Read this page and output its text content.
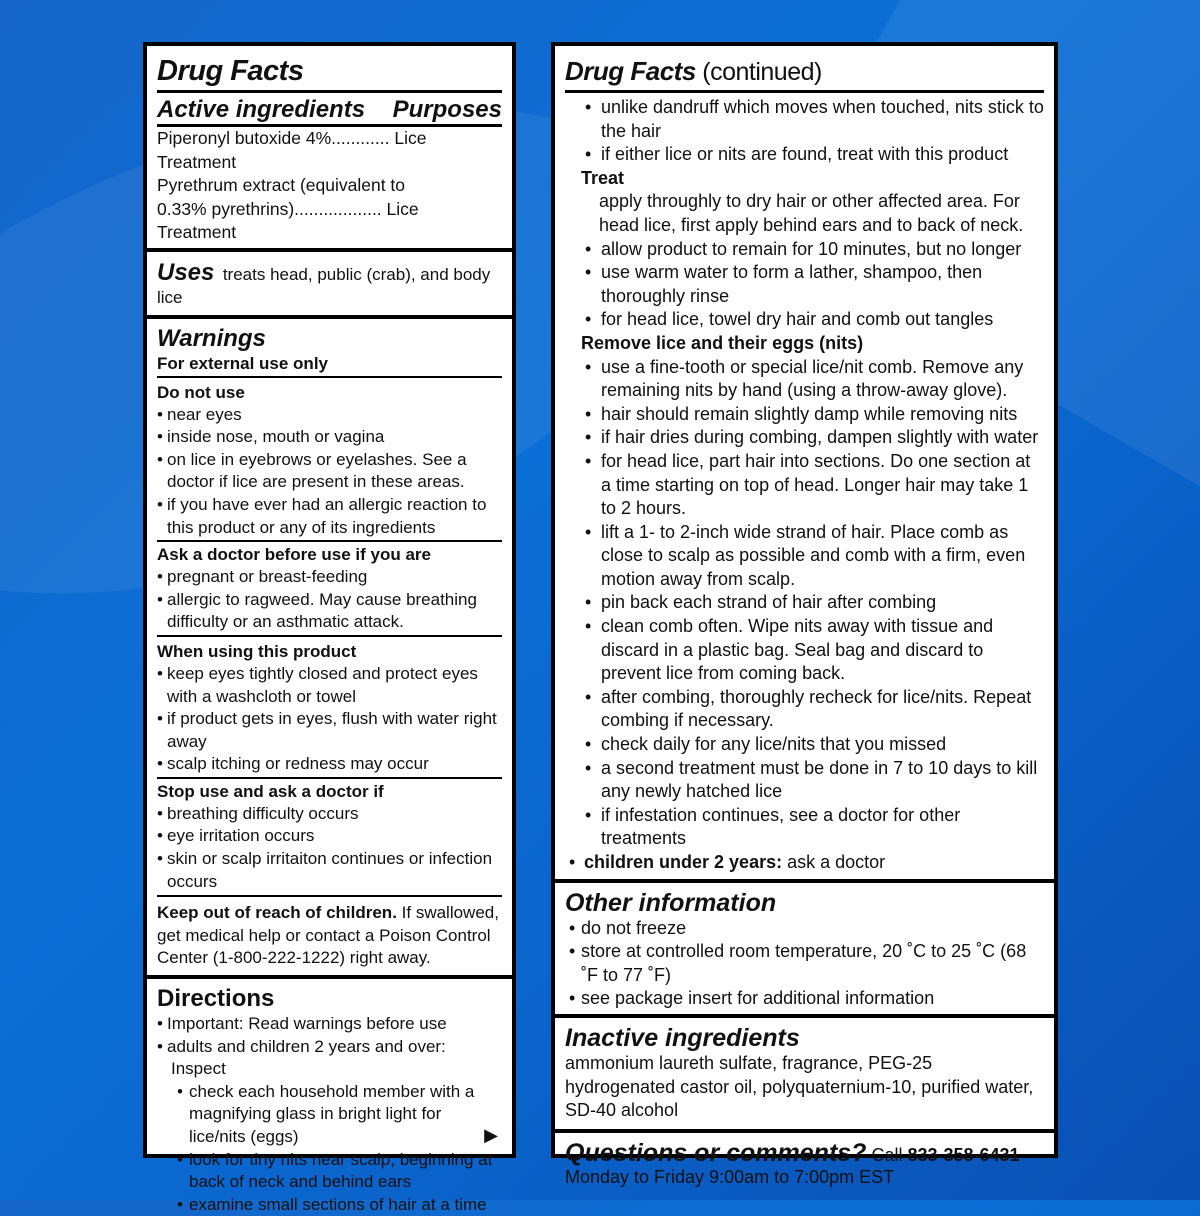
Drug Facts
Active ingredients Purposes
Piperonyl butoxide 4%............ Lice Treatment
Pyrethrum extract (equivalent to
0.33% pyrethrins).................. Lice Treatment
Uses treats head, public (crab), and body lice
Warnings
For external use only
Do not use
• near eyes
• inside nose, mouth or vagina
• on lice in eyebrows or eyelashes. See a doctor if lice are present in these areas.
• if you have ever had an allergic reaction to this product or any of its ingredients
Ask a doctor before use if you are
• pregnant or breast-feeding
• allergic to ragweed. May cause breathing difficulty or an asthmatic attack.
When using this product
• keep eyes tightly closed and protect eyes with a washcloth or towel
• if product gets in eyes, flush with water right away
• scalp itching or redness may occur
Stop use and ask a doctor if
• breathing difficulty occurs
• eye irritation occurs
• skin or scalp irritaiton continues or infection occurs
Keep out of reach of children. If swallowed, get medical help or contact a Poison Control Center (1-800-222-1222) right away.
Directions
• Important: Read warnings before use
• adults and children 2 years and over:
Inspect
• check each household member with a magnifying glass in bright light for lice/nits (eggs)
• look for tiny nits near scalp, beginning at back of neck and behind ears
• examine small sections of hair at a time
▶
Drug Facts (continued)
• unlike dandruff which moves when touched, nits stick to the hair
• if either lice or nits are found, treat with this product
Treat
apply throughly to dry hair or other affected area. For head lice, first apply behind ears and to back of neck.
• allow product to remain for 10 minutes, but no longer
• use warm water to form a lather, shampoo, then thoroughly rinse
• for head lice, towel dry hair and comb out tangles
Remove lice and their eggs (nits)
• use a fine-tooth or special lice/nit comb. Remove any remaining nits by hand (using a throw-away glove).
• hair should remain slightly damp while removing nits
• if hair dries during combing, dampen slightly with water
• for head lice, part hair into sections. Do one section at a time starting on top of head. Longer hair may take 1 to 2 hours.
• lift a 1- to 2-inch wide strand of hair. Place comb as close to scalp as possible and comb with a firm, even motion away from scalp.
• pin back each strand of hair after combing
• clean comb often. Wipe nits away with tissue and discard in a plastic bag. Seal bag and discard to prevent lice from coming back.
• after combing, thoroughly recheck for lice/nits. Repeat combing if necessary.
• check daily for any lice/nits that you missed
• a second treatment must be done in 7 to 10 days to kill any newly hatched lice
• if infestation continues, see a doctor for other treatments
• children under 2 years: ask a doctor
Other information
• do not freeze
• store at controlled room temperature, 20 ˚C to 25 ˚C (68 ˚F to 77 ˚F)
• see package insert for additional information
Inactive ingredients
ammonium laureth sulfate, fragrance, PEG-25 hydrogenated castor oil, polyquaternium-10, purified water, SD-40 alcohol
Questions or comments? Call 833-358-6431
Monday to Friday 9:00am to 7:00pm EST
